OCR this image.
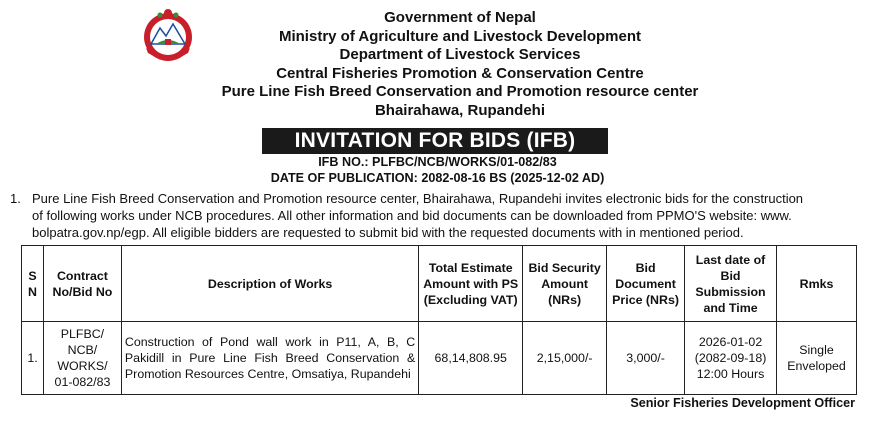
Government of Nepal
Ministry of Agriculture and Livestock Development
Department of Livestock Services
Central Fisheries Promotion & Conservation Centre
Pure Line Fish Breed Conservation and Promotion resource center
Bhairahawa, Rupandehi
INVITATION FOR BIDS (IFB)
IFB NO.: PLFBC/NCB/WORKS/01-082/83
DATE OF PUBLICATION: 2082-08-16 BS (2025-12-02 AD)
1. Pure Line Fish Breed Conservation and Promotion resource center, Bhairahawa, Rupandehi invites electronic bids for the construction
of following works under NCB procedures. All other information and bid documents can be downloaded from PPMO'S website: www.
bolpatra.gov.np/egp. All eligible bidders are requested to submit bid with the requested documents with in mentioned period.
S N	Contract No/Bid No	Description of Works	Total Estimate Amount with PS (Excluding VAT)	Bid Security Amount (NRs)	Bid Document Price (NRs)	Last date of Bid Submission and Time	Rmks
1.	PLFBC/ NCB/ WORKS/ 01-082/83	Construction of Pond wall work in P11, A, B, C Pakidill in Pure Line Fish Breed Conservation & Promotion Resources Centre, Omsatiya, Rupandehi	68,14,808.95	2,15,000/-	3,000/-	2026-01-02 (2082-09-18) 12:00 Hours	Single Enveloped
Senior Fisheries Development Officer
